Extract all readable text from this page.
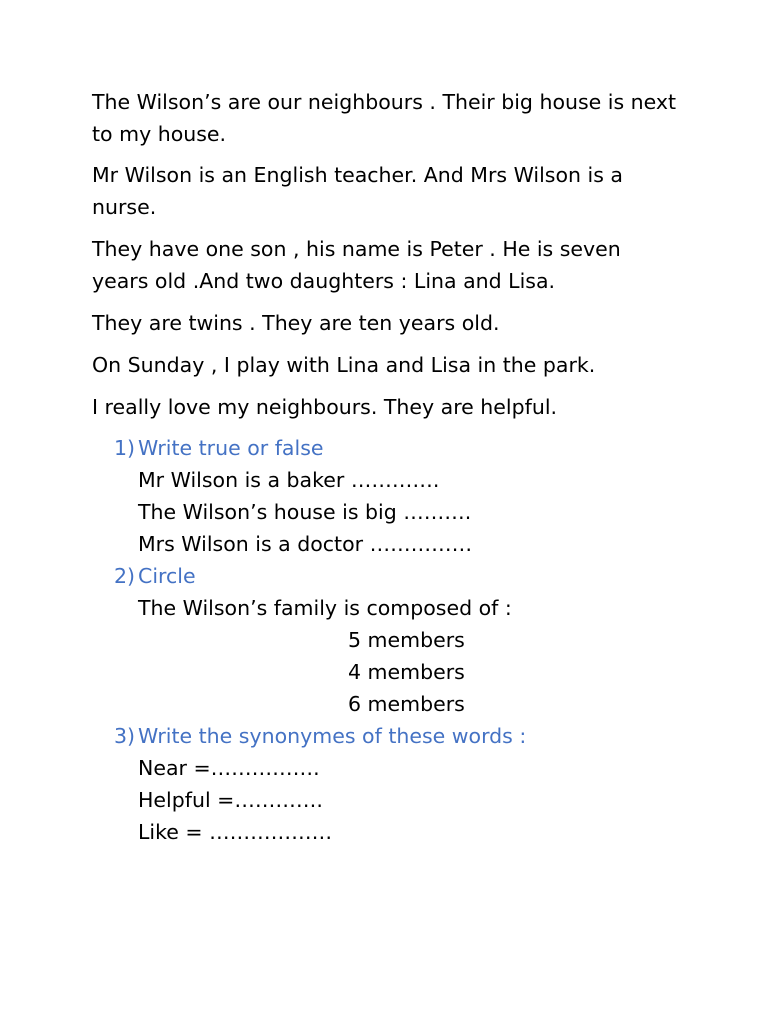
The Wilson’s are our neighbours . Their big house is next to my house.

Mr Wilson is an English teacher. And Mrs Wilson is a nurse.

They have one son , his name is Peter . He is seven years old .And two daughters : Lina and Lisa.

They are twins . They are ten years old.

On Sunday , I play with Lina and Lisa in the park.

I really love my neighbours. They are helpful.

1) Write true or false
Mr Wilson is a baker ………….
The Wilson’s house is big ……….
Mrs Wilson is a doctor ……………
2) Circle
The Wilson’s family is composed of :
5 members
4 members
6 members
3) Write the synonymes of these words :
Near =…………….
Helpful =………….
Like = ………………
